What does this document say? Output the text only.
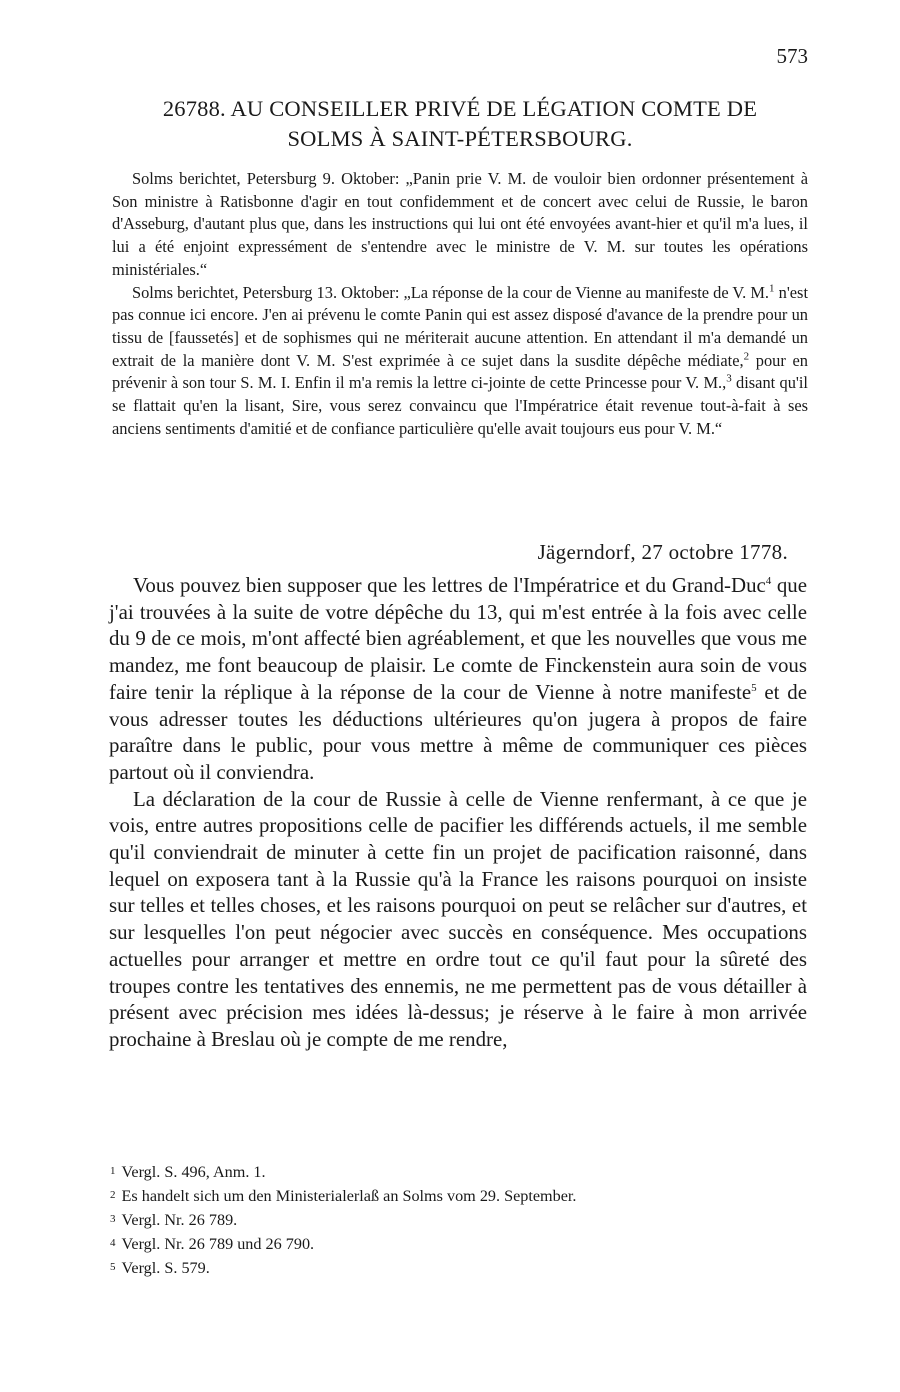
573
26788. AU CONSEILLER PRIVÉ DE LÉGATION COMTE DE
SOLMS À SAINT-PÉTERSBOURG.

Solms berichtet, Petersburg 9. Oktober: „Panin prie V. M. de vouloir bien ordonner présentement à Son ministre à Ratisbonne d'agir en tout confidemment et de concert avec celui de Russie, le baron d'Asseburg, d'autant plus que, dans les instructions qui lui ont été envoyées avant-hier et qu'il m'a lues, il lui a été enjoint expressément de s'entendre avec le ministre de V. M. sur toutes les opérations ministériales.“

Solms berichtet, Petersburg 13. Oktober: „La réponse de la cour de Vienne au manifeste de V. M.$^1$ n'est pas connue ici encore. J'en ai prévenu le comte Panin qui est assez disposé d'avance de la prendre pour un tissu de [faussetés] et de sophismes qui ne mériterait aucune attention. En attendant il m'a demandé un extrait de la manière dont V. M. S'est exprimée à ce sujet dans la susdite dépêche médiate,$^2$ pour en prévenir à son tour S. M. I. Enfin il m'a remis la lettre ci-jointe de cette Princesse pour V. M.,$^3$ disant qu'il se flattait qu'en la lisant, Sire, vous serez convaincu que l'Impératrice était revenue tout-à-fait à ses anciens sentiments d'amitié et de confiance particulière qu'elle avait toujours eus pour V. M.“

Jägerndorf, 27 octobre 1778.

Vous pouvez bien supposer que les lettres de l'Impératrice et du Grand-Duc$^4$ que j'ai trouvées à la suite de votre dépêche du 13, qui m'est entrée à la fois avec celle du 9 de ce mois, m'ont affecté bien agréablement, et que les nouvelles que vous me mandez, me font beaucoup de plaisir. Le comte de Finckenstein aura soin de vous faire tenir la réplique à la réponse de la cour de Vienne à notre manifeste$^5$ et de vous adresser toutes les déductions ultérieures qu'on jugera à propos de faire paraître dans le public, pour vous mettre à même de communiquer ces pièces partout où il conviendra.

La déclaration de la cour de Russie à celle de Vienne renfermant, à ce que je vois, entre autres propositions celle de pacifier les différends actuels, il me semble qu'il conviendrait de minuter à cette fin un projet de pacification raisonné, dans lequel on exposera tant à la Russie qu'à la France les raisons pourquoi on insiste sur telles et telles choses, et les raisons pourquoi on peut se relâcher sur d'autres, et sur lesquelles l'on peut négocier avec succès en conséquence. Mes occupations actuelles pour arranger et mettre en ordre tout ce qu'il faut pour la sûreté des troupes contre les tentatives des ennemis, ne me permettent pas de vous détailler à présent avec précision mes idées là-dessus; je réserve à le faire à mon arrivée prochaine à Breslau où je compte de me rendre,

1 Vergl. S. 496, Anm. 1.
2 Es handelt sich um den Ministerialerlaß an Solms vom 29. September.
3 Vergl. Nr. 26 789.
4 Vergl. Nr. 26 789 und 26 790.
5 Vergl. S. 579.
